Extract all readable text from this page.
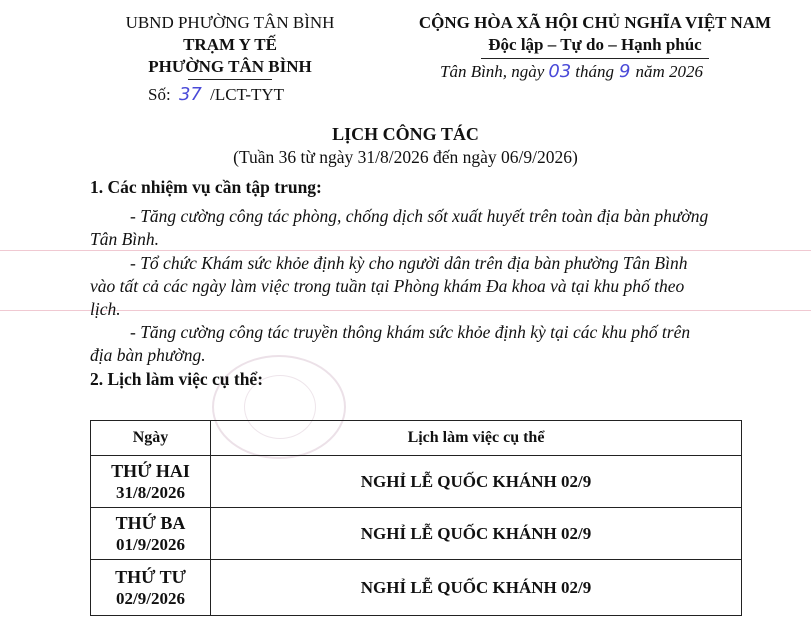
UBND PHƯỜNG TÂN BÌNH
TRẠM Y TẾ
PHƯỜNG TÂN BÌNH
Số: 37 /LCT-TYT
CỘNG HÒA XÃ HỘI CHỦ NGHĨA VIỆT NAM
Độc lập – Tự do – Hạnh phúc
Tân Bình, ngày 03 tháng 9 năm 2026
LỊCH CÔNG TÁC
(Tuần 36 từ ngày 31/8/2026 đến ngày 06/9/2026)
1. Các nhiệm vụ cần tập trung:
- Tăng cường công tác phòng, chống dịch sốt xuất huyết trên toàn địa bàn phường
Tân Bình.
- Tổ chức Khám sức khỏe định kỳ cho người dân trên địa bàn phường Tân Bình
vào tất cả các ngày làm việc trong tuần tại Phòng khám Đa khoa và tại khu phố theo
lịch.
- Tăng cường công tác truyền thông khám sức khỏe định kỳ tại các khu phố trên
địa bàn phường.
2. Lịch làm việc cụ thể:
Ngày	Lịch làm việc cụ thể

THỨ HAI
31/8/2026	NGHỈ LỄ QUỐC KHÁNH 02/9

THỨ BA
01/9/2026	NGHỈ LỄ QUỐC KHÁNH 02/9

THỨ TƯ
02/9/2026	NGHỈ LỄ QUỐC KHÁNH 02/9
